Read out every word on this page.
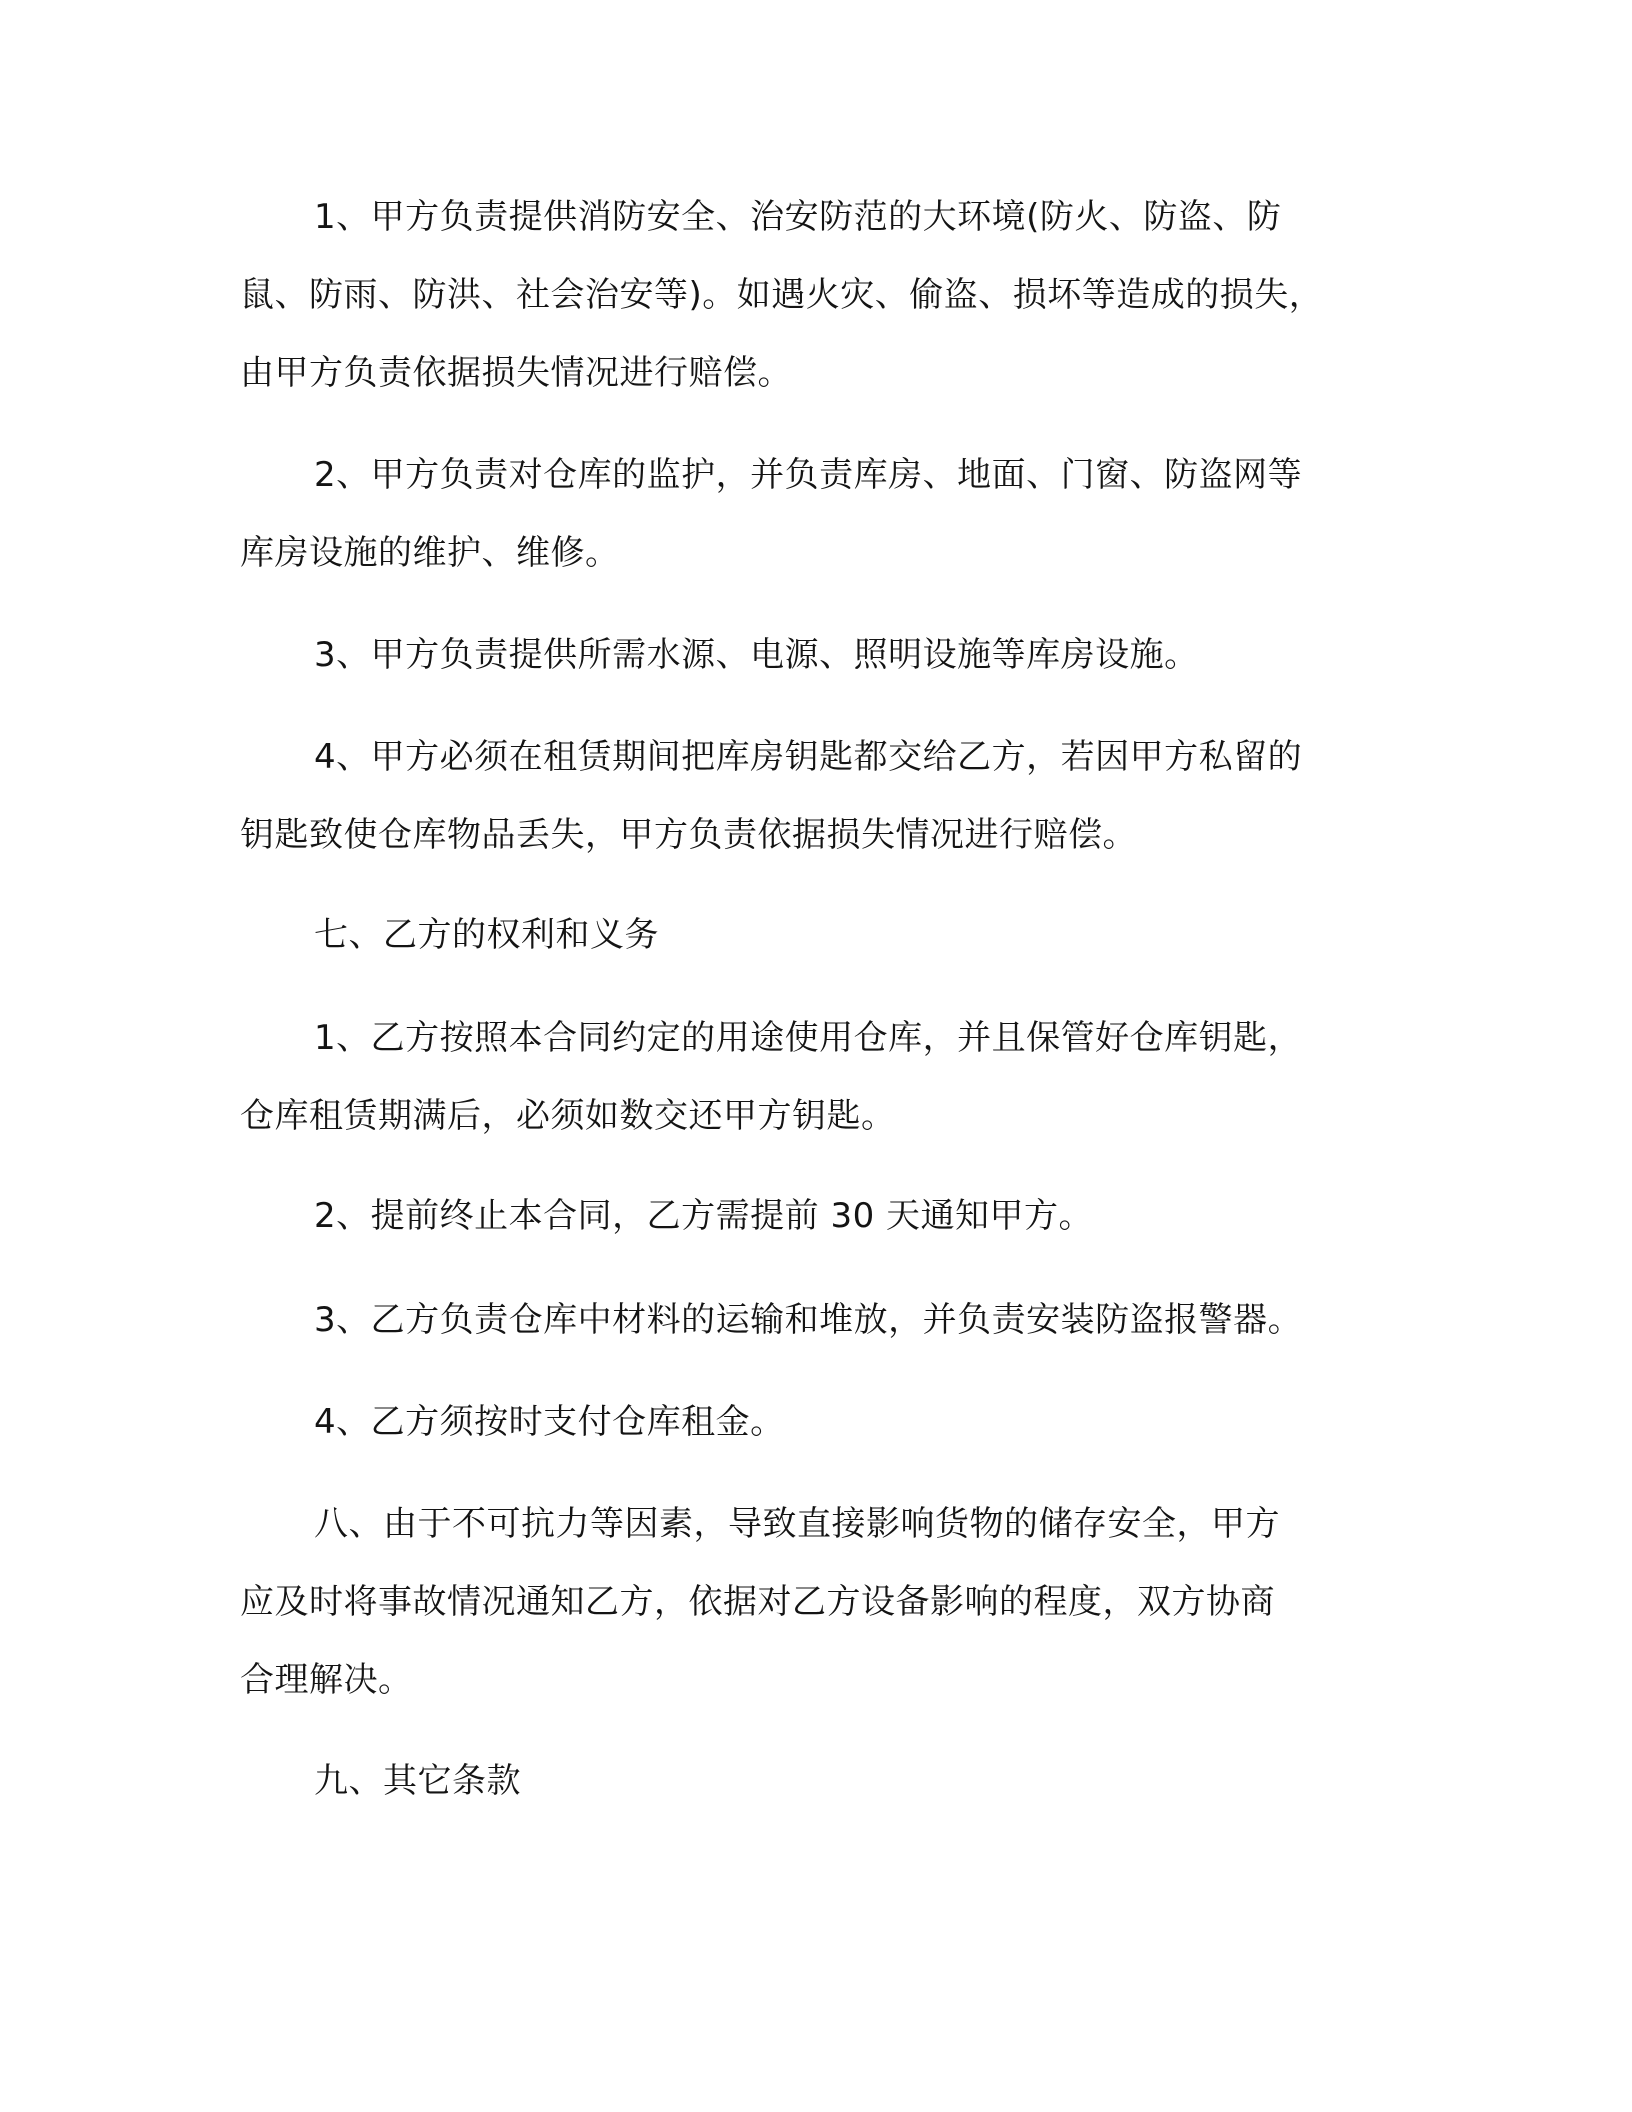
1、甲方负责提供消防安全、治安防范的大环境(防火、防盗、防
鼠、防雨、防洪、社会治安等)。如遇火灾、偷盗、损坏等造成的损失，
由甲方负责依据损失情况进行赔偿。

2、甲方负责对仓库的监护，并负责库房、地面、门窗、防盗网等
库房设施的维护、维修。

3、甲方负责提供所需水源、电源、照明设施等库房设施。

4、甲方必须在租赁期间把库房钥匙都交给乙方，若因甲方私留的
钥匙致使仓库物品丢失，甲方负责依据损失情况进行赔偿。

七、乙方的权利和义务

1、乙方按照本合同约定的用途使用仓库，并且保管好仓库钥匙，
仓库租赁期满后，必须如数交还甲方钥匙。

2、提前终止本合同，乙方需提前 30 天通知甲方。

3、乙方负责仓库中材料的运输和堆放，并负责安装防盗报警器。

4、乙方须按时支付仓库租金。

八、由于不可抗力等因素，导致直接影响货物的储存安全，甲方
应及时将事故情况通知乙方，依据对乙方设备影响的程度，双方协商
合理解决。

九、其它条款
